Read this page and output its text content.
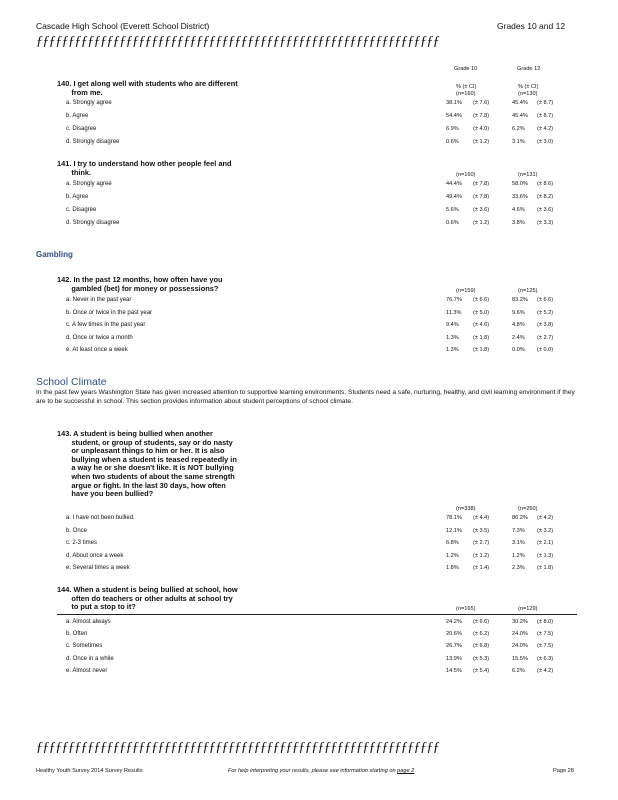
Cascade High School (Everett School District)	Grades 10 and 12
ƒƒƒƒƒƒƒƒƒƒƒƒƒƒƒƒƒƒƒƒƒƒƒƒƒƒƒƒƒƒƒƒƒƒƒƒƒƒƒƒƒƒƒƒƒƒƒƒƒƒƒƒƒƒƒƒƒƒƒƒƒƒƒ
Grade 10	Grade 12
140. I get along well with students who are different
from me.
% (± CI)	% (± CI)
(n=160)	(n=130)
a. Strongly agree	38.1% (± 7.6)	45.4% (± 8.7)
b. Agree	54.4% (± 7.8)	45.4% (± 8.7)
c. Disagree	6.9%	(± 4.0)	6.2% (± 4.2)
d. Strongly disagree	0.6%	(± 1.2)	3.1% (± 3.0)
141. I try to understand how other people feel and
think.	(n=160)	(n=131)
a. Strongly agree	44.4% (± 7.8)	58.0% (± 8.6)
b. Agree	49.4% (± 7.8)	33.6% (± 8.2)
c. Disagree	5.6%	(± 3.6)	4.6% (± 3.6)
d. Strongly disagree	0.6%	(± 1.2)	3.8% (± 3.3)
Gambling
142. In the past 12 months, how often have you
gambled (bet) for money or possessions?	(n=159)	(n=125)
a. Never in the past year	76.7% (± 6.6)	83.2% (± 6.6)
b. Once or twice in the past year	11.3% (± 5.0)	9.6% (± 5.2)
c. A few times in the past year	9.4%	(± 4.6)	4.8% (± 3.8)
d. Once or twice a month	1.3%	(± 1.8)	2.4% (± 2.7)
e. At least once a week	1.3%	(± 1.8)	0.0% (± 0.0)
School Climate
In the past few years Washington State has given increased attention to supportive learning environments. Students need a safe, nurturing, healthy, and civil learning environment if they are to be successful in school. This section provides information about student perceptions of school climate.
143. A student is being bullied when another
student, or group of students, say or do nasty
or unpleasant things to him or her. It is also
bullying when a student is teased repeatedly in
a way he or she doesn't like. It is NOT bullying
when two students of about the same strength
argue or fight. In the last 30 days, how often
have you been bullied?
(n=338)	(n=260)
a. I have not been bullied.	78.1% (± 4.4)	86.2% (± 4.2)
b. Once	12.1% (± 3.5)	7.3% (± 3.2)
c. 2-3 times	6.8%	(± 2.7)	3.1% (± 2.1)
d. About once a week	1.2%	(± 1.2)	1.2% (± 1.3)
e. Several times a week	1.8%	(± 1.4)	2.3% (± 1.8)
144. When a student is being bullied at school, how
often do teachers or other adults at school try
to put a stop to it?	(n=165)	(n=129)
a. Almost always	24.2% (± 6.6)	30.2% (± 8.0)
b. Often	20.6% (± 6.2)	24.0% (± 7.5)
c. Sometimes	26.7% (± 6.8)	24.0% (± 7.5)
d. Once in a while	13.9% (± 5.3)	15.5% (± 6.3)
e. Almost never	14.5% (± 5.4)	6.2% (± 4.2)
ƒƒƒƒƒƒƒƒƒƒƒƒƒƒƒƒƒƒƒƒƒƒƒƒƒƒƒƒƒƒƒƒƒƒƒƒƒƒƒƒƒƒƒƒƒƒƒƒƒƒƒƒƒƒƒƒƒƒƒƒƒƒƒ
Healthy Youth Survey 2014 Survey Results	For help interpreting your results, please see information starting on page 2	Page 28
